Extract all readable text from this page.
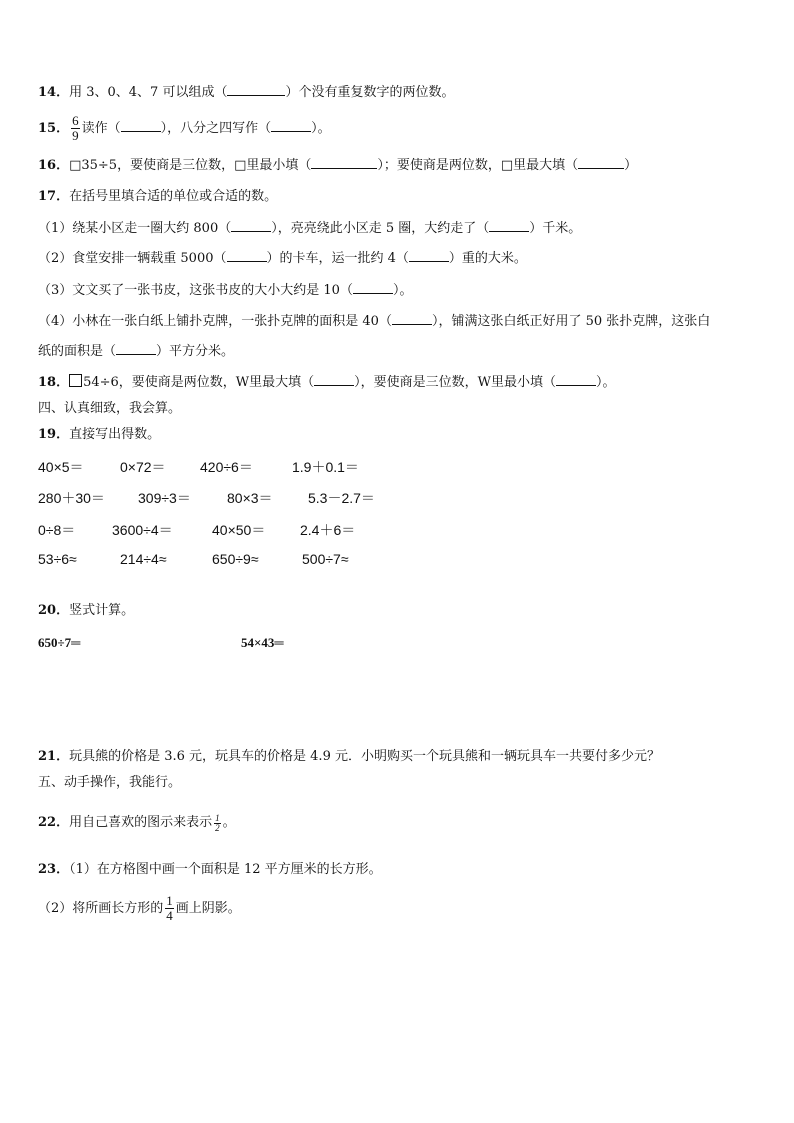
14．用 3、0、4、7 可以组成（	）个没有重复数字的两位数。
15． $\frac{6}{9}$ 读作（	），八分之四写作（	）。
16．□35÷5，要使商是三位数，□里最小填（	）；要使商是两位数，□里最大填（	）
17．在括号里填合适的单位或合适的数。
（1）绕某小区走一圈大约 800（	），亮亮绕此小区走 5 圈，大约走了（	）千米。
（2）食堂安排一辆载重 5000（	）的卡车，运一批约 4（	）重的大米。
（3）文文买了一张书皮，这张书皮的大小大约是 10（	）。
（4）小林在一张白纸上铺扑克牌，一张扑克牌的面积是 40（	），铺满这张白纸正好用了 50 张扑克牌，这张白
纸的面积是（	）平方分米。
18． 54÷6，要使商是两位数，W里最大填（	），要使商是三位数，W里最小填（	）。
四、认真细致，我会算。
19．直接写出得数。
40×5＝	0×72＝ 420÷6＝	1.9＋0.1＝
280＋30＝ 309÷3＝	80×3＝	5.3－2.7＝
0÷8＝	3600÷4＝	40×50＝ 2.4＋6＝
53÷6≈	214÷4≈	650÷9≈	500÷7≈
20．竖式计算。
650÷7═	54×43═
21．玩具熊的价格是 3.6 元，玩具车的价格是 4.9 元．小明购买一个玩具熊和一辆玩具车一共要付多少元？
五、动手操作，我能行。
22．用自己喜欢的图示来表示 $\frac{1}{2}$ 。
23．（1）在方格图中画一个面积是 12 平方厘米的长方形。
（2）将所画长方形的 $\frac{1}{4}$ 画上阴影。
